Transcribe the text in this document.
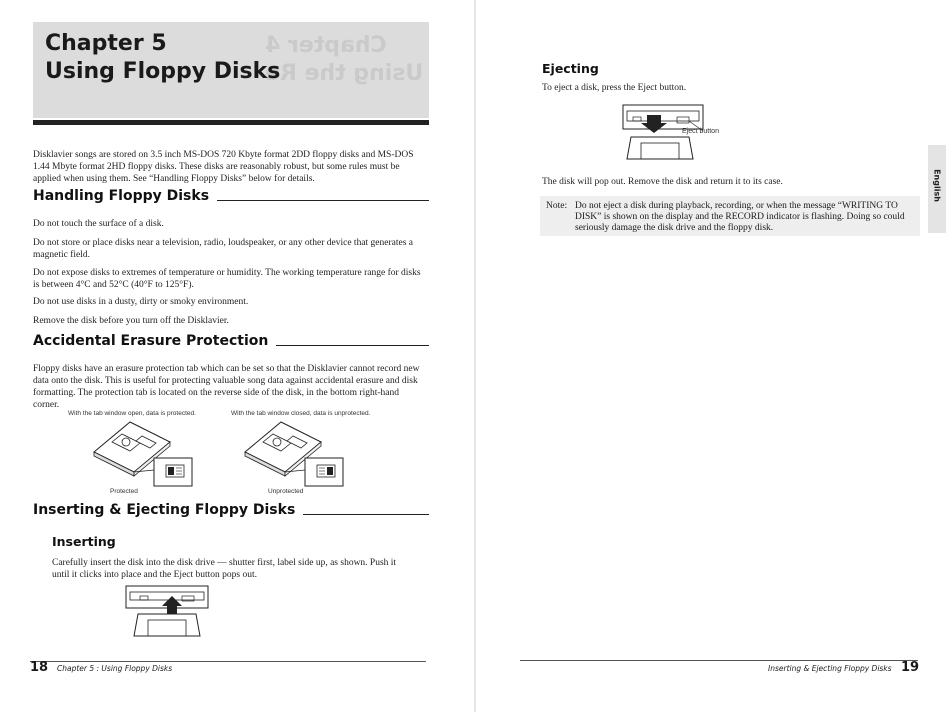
Chapter 4
Using the Re
Chapter 5
Using Floppy Disks
Disklavier songs are stored on 3.5 inch MS-DOS 720 Kbyte format 2DD floppy disks and MS-DOS 1.44 Mbyte format 2HD floppy disks. These disks are reasonably robust, but some rules must be applied when using them. See “Handling Floppy Disks” below for details.
Handling Floppy Disks
Do not touch the surface of a disk.
Do not store or place disks near a television, radio, loudspeaker, or any other device that generates a magnetic field.
Do not expose disks to extremes of temperature or humidity. The working temperature range for disks is between 4°C and 52°C (40°F to 125°F).
Do not use disks in a dusty, dirty or smoky environment.
Remove the disk before you turn off the Disklavier.
Accidental Erasure Protection
Floppy disks have an erasure protection tab which can be set so that the Disklavier cannot record new data onto the disk. This is useful for protecting valuable song data against accidental erasure and disk formatting. The protection tab is located on the reverse side of the disk, in the bottom right-hand corner.
With the tab window open, data is protected.	With the tab window closed, data is unprotected.
Protected	Unprotected
Inserting & Ejecting Floppy Disks
Inserting
Carefully insert the disk into the disk drive — shutter first, label side up, as shown. Push it until it clicks into place and the Eject button pops out.
18 Chapter 5 : Using Floppy Disks
Ejecting
To eject a disk, press the Eject button.
Eject button
The disk will pop out. Remove the disk and return it to its case.
Note: Do not eject a disk during playback, recording, or when the message “WRITING TO DISK” is shown on the display and the RECORD indicator is flashing. Doing so could seriously damage the disk drive and the floppy disk.
English
Inserting & Ejecting Floppy Disks 19
